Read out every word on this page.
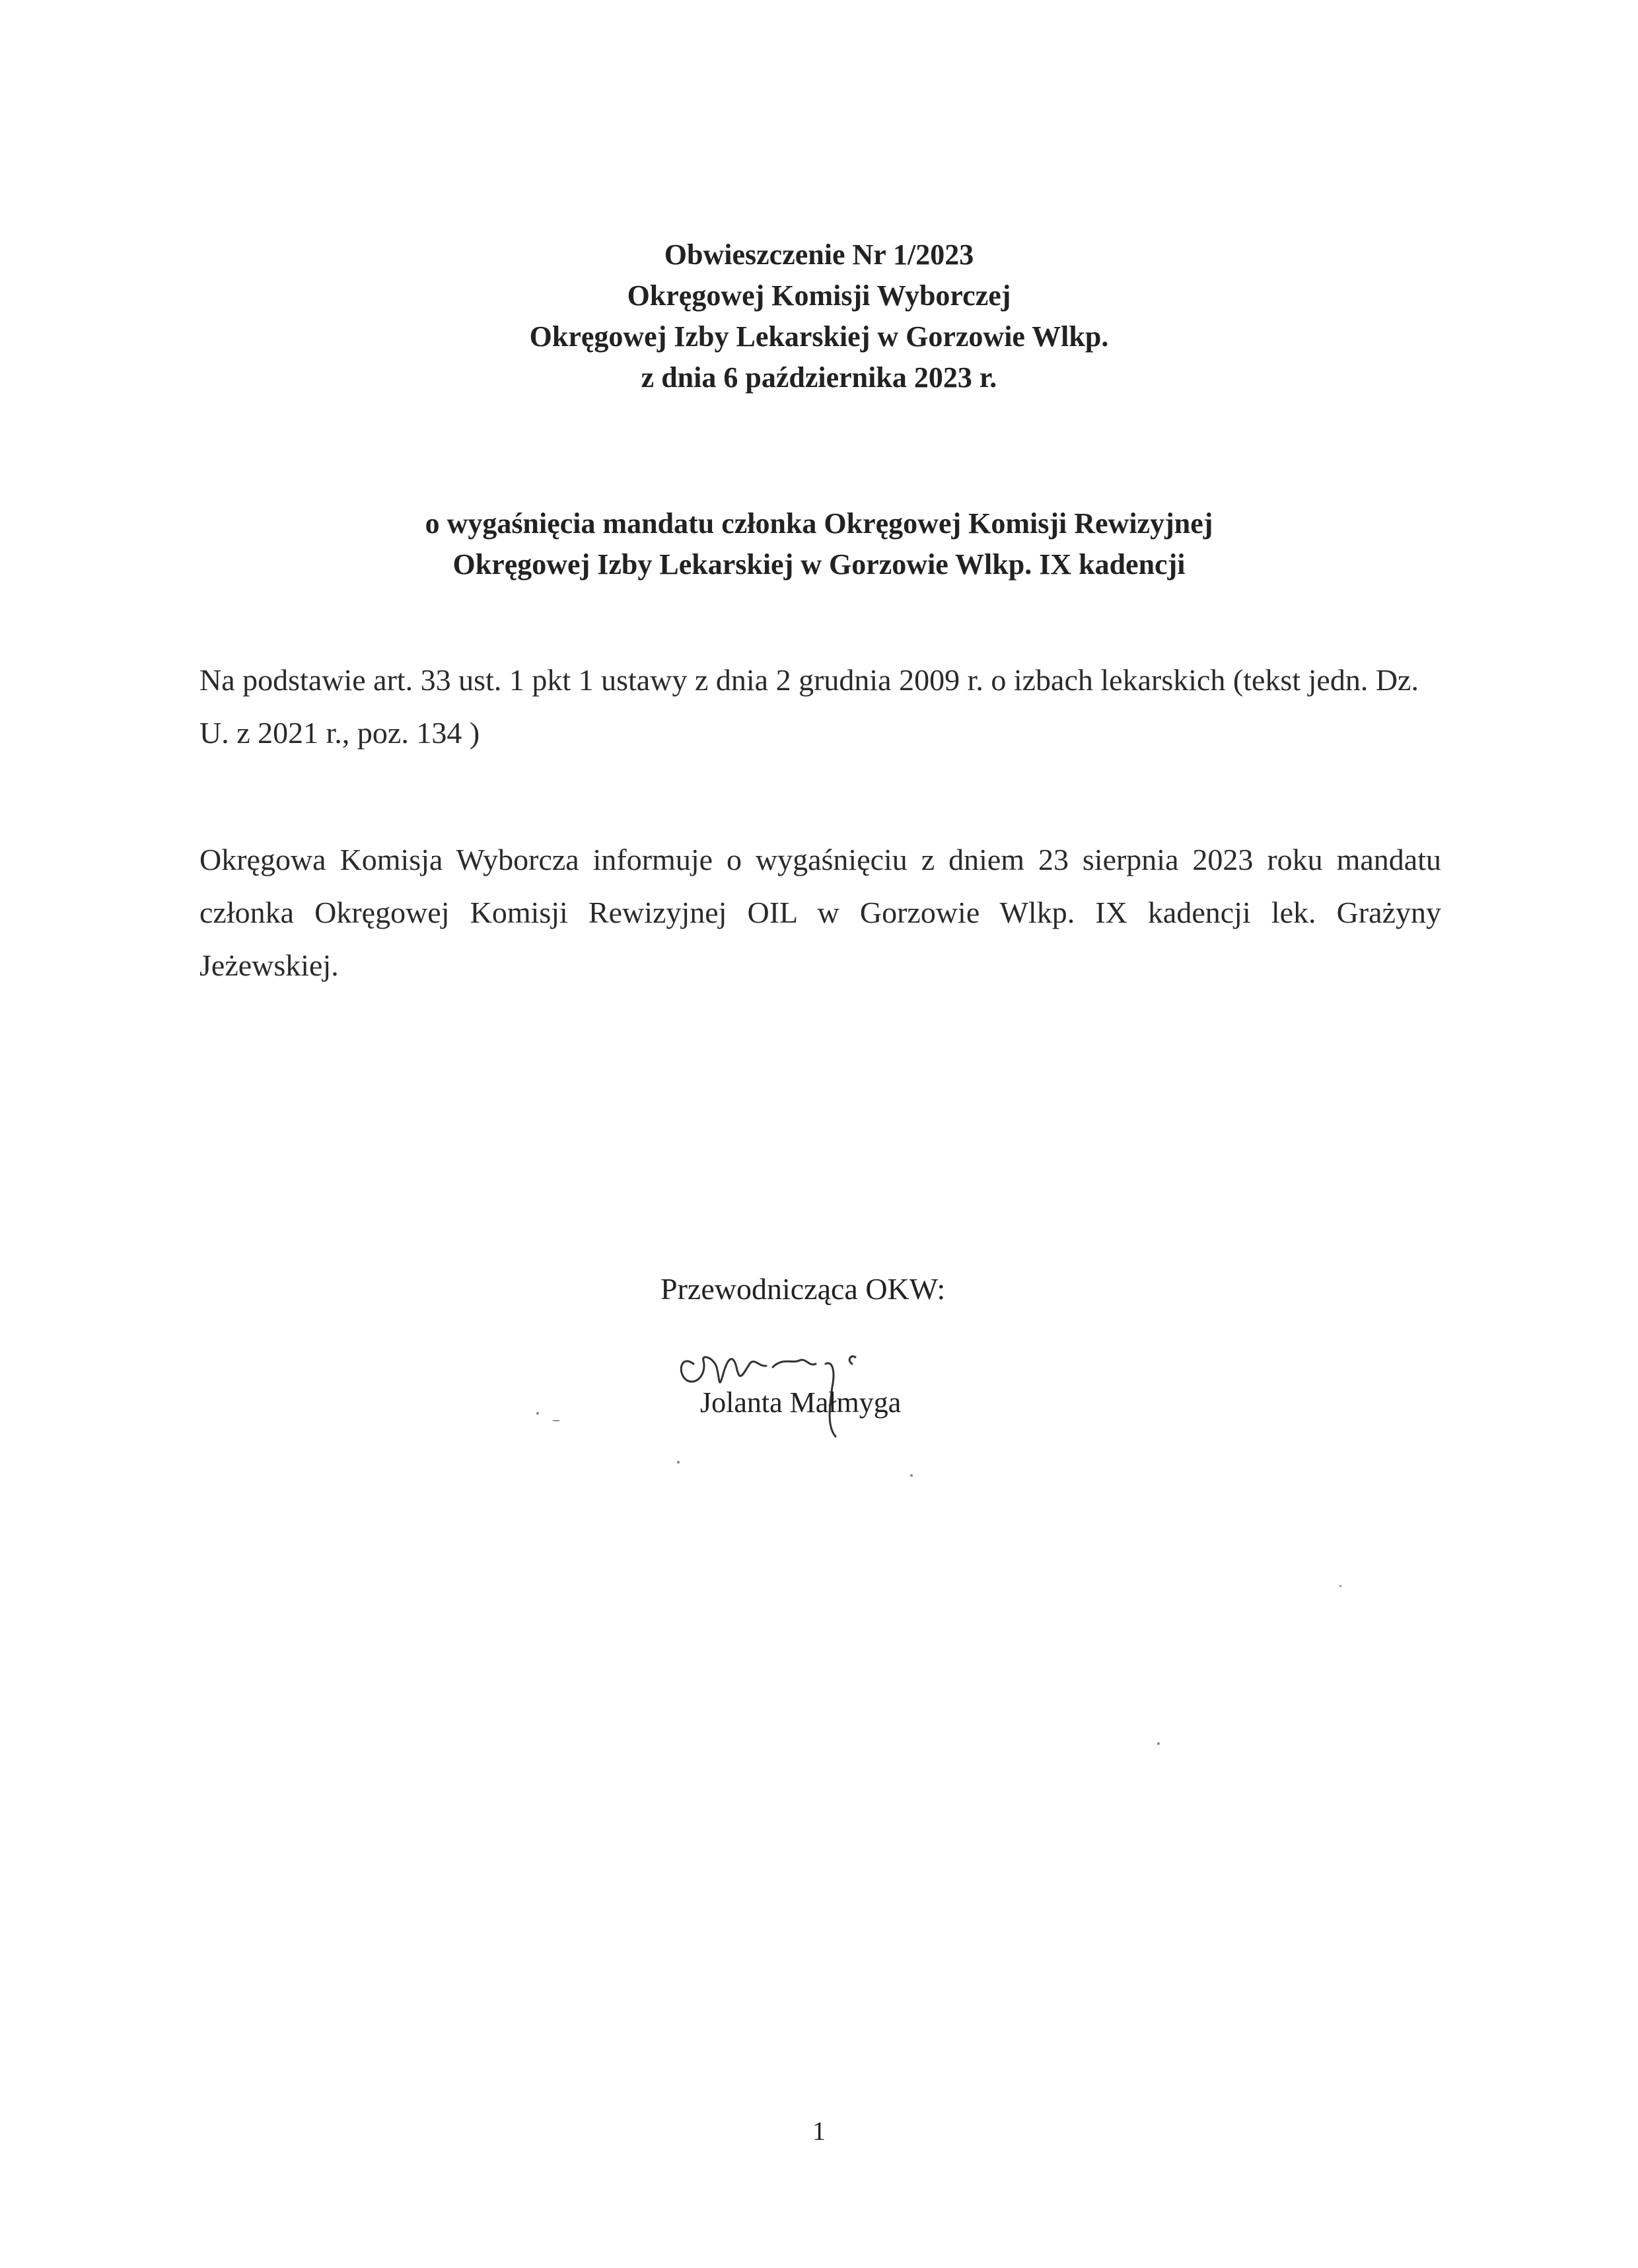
Obwieszczenie Nr 1/2023
Okręgowej Komisji Wyborczej
Okręgowej Izby Lekarskiej w Gorzowie Wlkp.
z dnia 6 października 2023 r.
o wygaśnięcia mandatu członka Okręgowej Komisji Rewizyjnej
Okręgowej Izby Lekarskiej w Gorzowie Wlkp. IX kadencji
Na podstawie art. 33 ust. 1 pkt 1 ustawy z dnia 2 grudnia 2009 r. o izbach lekarskich (tekst jedn. Dz. U. z 2021 r., poz. 134 )
Okręgowa Komisja Wyborcza informuje o wygaśnięciu z dniem 23 sierpnia 2023 roku mandatu członka Okręgowej Komisji Rewizyjnej OIL w Gorzowie Wlkp. IX kadencji lek. Grażyny Jeżewskiej.
Przewodnicząca OKW:
Jolanta Małmyga
1
